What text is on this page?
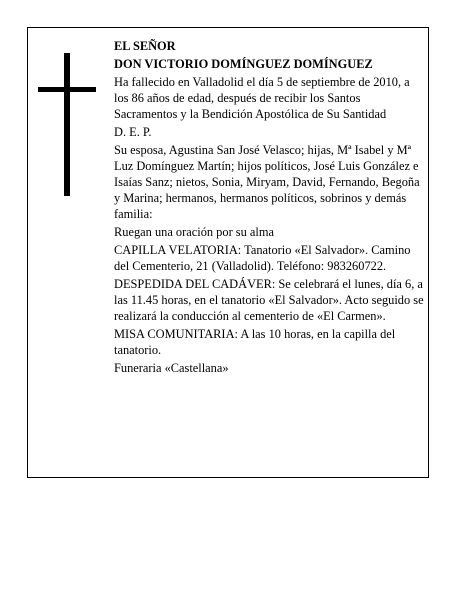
EL SEÑOR

DON VICTORIO DOMÍNGUEZ DOMÍNGUEZ

Ha fallecido en Valladolid el día 5 de septiembre de 2010, a los 86 años de edad, después de recibir los Santos Sacramentos y la Bendición Apostólica de Su Santidad

D. E. P.

Su esposa, Agustina San José Velasco; hijas, Mª Isabel y Mª Luz Domínguez Martín; hijos políticos, José Luis González e Isaías Sanz; nietos, Sonia, Miryam, David, Fernando, Begoña y Marina; hermanos, hermanos políticos, sobrinos y demás familia:

Ruegan una oración por su alma

CAPILLA VELATORIA: Tanatorio «El Salvador». Camino del Cementerio, 21 (Valladolid). Teléfono: 983260722.

DESPEDIDA DEL CADÁVER: Se celebrará el lunes, día 6, a las 11.45 horas, en el tanatorio «El Salvador». Acto seguido se realizará la conducción al cementerio de «El Carmen».

MISA COMUNITARIA: A las 10 horas, en la capilla del tanatorio.

Funeraria «Castellana»
